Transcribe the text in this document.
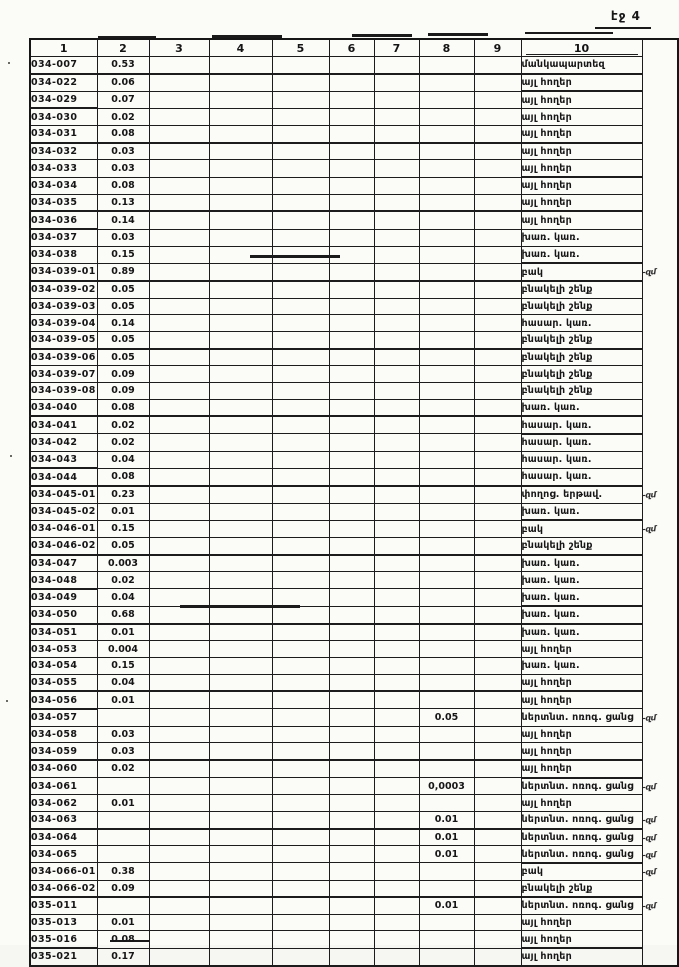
էջ 4
1	2	3	4	5	6	7	8	9	10	
034-007	0.53								մանկապարտեզ	
034-022	0.06								այլ հողեր	
034-029	0.07								այլ հողեր	
034-030	0.02								այլ հողեր	
034-031	0.08								այլ հողեր	
034-032	0.03								այլ հողեր	
034-033	0.03								այլ հողեր	
034-034	0.08								այլ հողեր	
034-035	0.13								այլ հողեր	
034-036	0.14								այլ հողեր	
034-037	0.03								խառ. կառ.	
034-038	0.15								խառ. կառ.	
034-039-01	0.89								բակ	-զմ
034-039-02	0.05								բնակելի շենք	
034-039-03	0.05								բնակելի շենք	
034-039-04	0.14								հասար. կառ.	
034-039-05	0.05								բնակելի շենք	
034-039-06	0.05								բնակելի շենք	
034-039-07	0.09								բնակելի շենք	
034-039-08	0.09								բնակելի շենք	
034-040	0.08								խառ. կառ.	
034-041	0.02								հասար. կառ.	
034-042	0.02								հասար. կառ.	
034-043	0.04								հասար. կառ.	
034-044	0.08								հասար. կառ.	
034-045-01	0.23								փողոց. երթավ.	-զմ
034-045-02	0.01								խառ. կառ.	
034-046-01	0.15								բակ	-զմ
034-046-02	0.05								բնակելի շենք	
034-047	0.003								խառ. կառ.	
034-048	0.02								խառ. կառ.	
034-049	0.04								խառ. կառ.	
034-050	0.68								խառ. կառ.	
034-051	0.01								խառ. կառ.	
034-053	0.004								այլ հողեր	
034-054	0.15								խառ. կառ.	
034-055	0.04								այլ հողեր	
034-056	0.01								այլ հողեր	
034-057							0.05		ներտնտ. ոռոգ. ցանց	-զմ
034-058	0.03								այլ հողեր	
034-059	0.03								այլ հողեր	
034-060	0.02								այլ հողեր	
034-061							0,0003		ներտնտ. ոռոգ. ցանց	-զմ
034-062	0.01								այլ հողեր	
034-063							0.01		ներտնտ. ոռոգ. ցանց	-զմ
034-064							0.01		ներտնտ. ոռոգ. ցանց	-զմ
034-065							0.01		ներտնտ. ոռոգ. ցանց	-զմ
034-066-01	0.38								բակ	-զմ
034-066-02	0.09								բնակելի շենք	
035-011							0.01		ներտնտ. ոռոգ. ցանց	-զմ
035-013	0.01								այլ հողեր	
035-016	0.08								այլ հողեր	
035-021	0.17								այլ հողեր	
